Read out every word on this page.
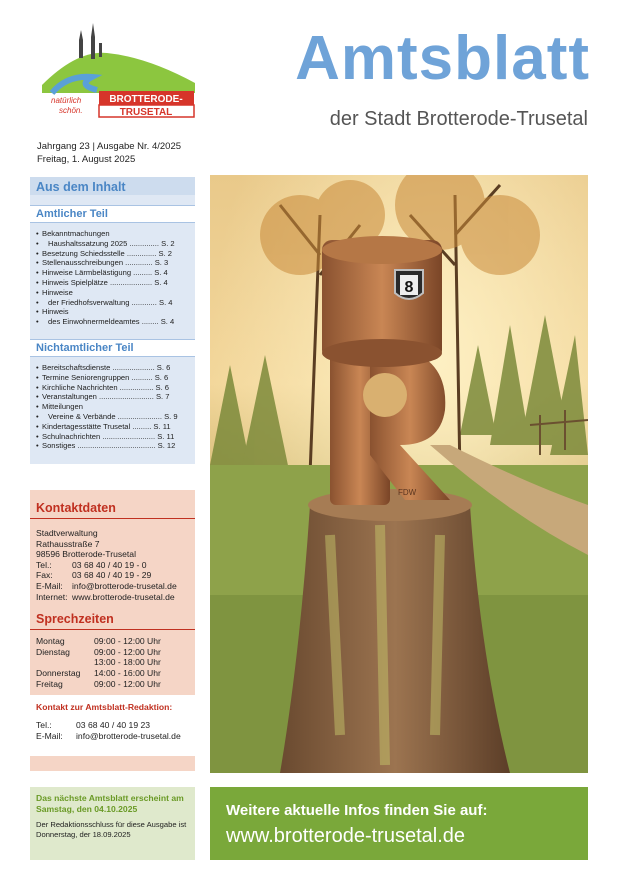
BROTTERODE-
TRUSETAL
natürlich
schön.
Amtsblatt
der Stadt Brotterode-Trusetal
Jahrgang 23 | Ausgabe Nr. 4/2025
Freitag, 1. August 2025
Aus dem Inhalt
Amtlicher Teil
• Bekanntmachungen
• Haushaltssatzung 2025 .............. S. 2
• Besetzung Schiedsstelle .............. S. 2
• Stellenausschreibungen ............. S. 3
• Hinweise Lärmbelästigung ......... S. 4
• Hinweis Spielplätze .................... S. 4
• Hinweise
• der Friedhofsverwaltung ............ S. 4
• Hinweis
• des Einwohnermeldeamtes ........ S. 4
Nichtamtlicher Teil
• Bereitschaftsdienste .................... S. 6
• Termine Seniorengruppen .......... S. 6
• Kirchliche Nachrichten ................ S. 6
• Veranstaltungen .......................... S. 7
• Mitteilungen
• Vereine & Verbände ..................... S. 9
• Kindertagesstätte Trusetal ......... S. 11
• Schulnachrichten ......................... S. 11
• Sonstiges ..................................... S. 12
Kontaktdaten
Stadtverwaltung
Rathausstraße 7
98596 Brotterode-Trusetal
Tel.:	03 68 40 / 40 19 - 0
Fax:	03 68 40 / 40 19 - 29
E-Mail:	info@brotterode-trusetal.de
Internet: www.brotterode-trusetal.de
Sprechzeiten
Montag	09:00 - 12:00 Uhr
Dienstag	09:00 - 12:00 Uhr
13:00 - 18:00 Uhr
Donnerstag	14:00 - 16:00 Uhr
Freitag	09:00 - 12:00 Uhr
Kontakt zur Amtsblatt-Redaktion:
Tel.:	03 68 40 / 40 19 23
E-Mail:	info@brotterode-trusetal.de
Das nächste Amtsblatt erscheint am Samstag, den 04.10.2025
Der Redaktionsschluss für diese Ausgabe ist Donnerstag, der 18.09.2025
FDW
R
8
Weitere aktuelle Infos finden Sie auf:
www.brotterode-trusetal.de
